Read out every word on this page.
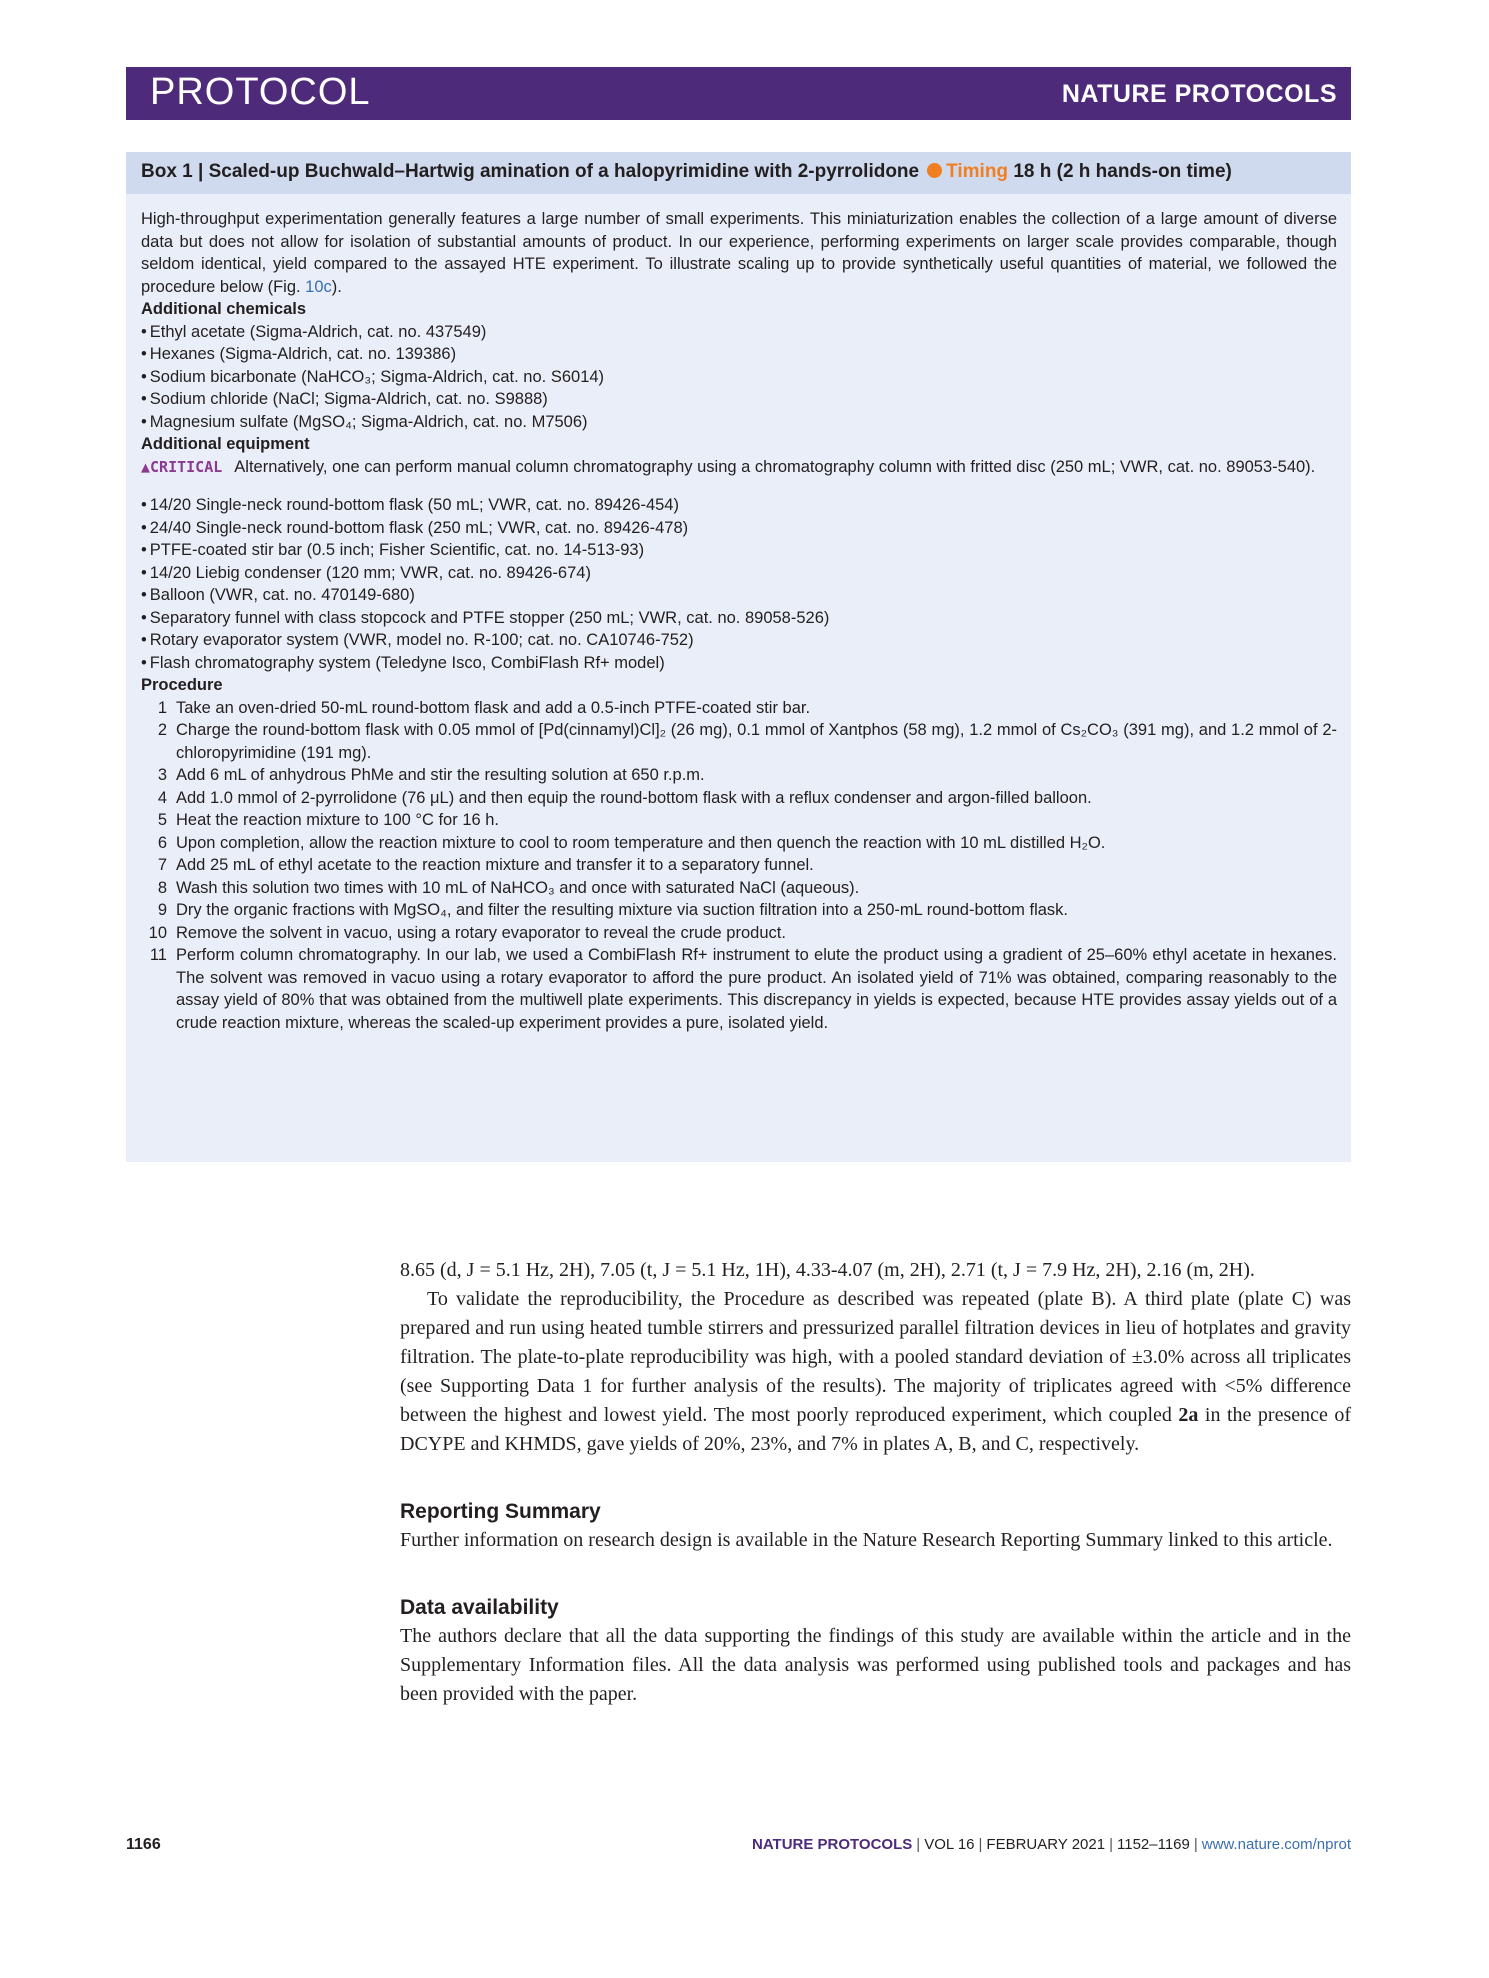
PROTOCOL	NATURE PROTOCOLS
Box 1 | Scaled-up Buchwald–Hartwig amination of a halopyrimidine with 2-pyrrolidone Timing 18 h (2 h hands-on time)

High-throughput experimentation generally features a large number of small experiments. This miniaturization enables the collection of a large amount of diverse data but does not allow for isolation of substantial amounts of product. In our experience, performing experiments on larger scale provides comparable, though seldom identical, yield compared to the assayed HTE experiment. To illustrate scaling up to provide synthetically useful quantities of material, we followed the procedure below (Fig. 10c).

Additional chemicals

• Ethyl acetate (Sigma-Aldrich, cat. no. 437549)
• Hexanes (Sigma-Aldrich, cat. no. 139386)
• Sodium bicarbonate (NaHCO₃; Sigma-Aldrich, cat. no. S6014)
• Sodium chloride (NaCl; Sigma-Aldrich, cat. no. S9888)
• Magnesium sulfate (MgSO₄; Sigma-Aldrich, cat. no. M7506)

Additional equipment

▲CRITICAL Alternatively, one can perform manual column chromatography using a chromatography column with fritted disc (250 mL; VWR, cat. no. 89053-540).

• 14/20 Single-neck round-bottom flask (50 mL; VWR, cat. no. 89426-454)
• 24/40 Single-neck round-bottom flask (250 mL; VWR, cat. no. 89426-478)
• PTFE-coated stir bar (0.5 inch; Fisher Scientific, cat. no. 14-513-93)
• 14/20 Liebig condenser (120 mm; VWR, cat. no. 89426-674)
• Balloon (VWR, cat. no. 470149-680)
• Separatory funnel with class stopcock and PTFE stopper (250 mL; VWR, cat. no. 89058-526)
• Rotary evaporator system (VWR, model no. R-100; cat. no. CA10746-752)
• Flash chromatography system (Teledyne Isco, CombiFlash Rf+ model)

Procedure

1 Take an oven-dried 50-mL round-bottom flask and add a 0.5-inch PTFE-coated stir bar.
2 Charge the round-bottom flask with 0.05 mmol of [Pd(cinnamyl)Cl]₂ (26 mg), 0.1 mmol of Xantphos (58 mg), 1.2 mmol of Cs₂CO₃ (391 mg), and 1.2 mmol of 2-chloropyrimidine (191 mg).
3 Add 6 mL of anhydrous PhMe and stir the resulting solution at 650 r.p.m.
4 Add 1.0 mmol of 2-pyrrolidone (76 μL) and then equip the round-bottom flask with a reflux condenser and argon-filled balloon.
5 Heat the reaction mixture to 100 °C for 16 h.
6 Upon completion, allow the reaction mixture to cool to room temperature and then quench the reaction with 10 mL distilled H₂O.
7 Add 25 mL of ethyl acetate to the reaction mixture and transfer it to a separatory funnel.
8 Wash this solution two times with 10 mL of NaHCO₃ and once with saturated NaCl (aqueous).
9 Dry the organic fractions with MgSO₄, and filter the resulting mixture via suction filtration into a 250-mL round-bottom flask.
10 Remove the solvent in vacuo, using a rotary evaporator to reveal the crude product.
11 Perform column chromatography. In our lab, we used a CombiFlash Rf+ instrument to elute the product using a gradient of 25–60% ethyl acetate in hexanes. The solvent was removed in vacuo using a rotary evaporator to afford the pure product. An isolated yield of 71% was obtained, comparing reasonably to the assay yield of 80% that was obtained from the multiwell plate experiments. This discrepancy in yields is expected, because HTE provides assay yields out of a crude reaction mixture, whereas the scaled-up experiment provides a pure, isolated yield.

8.65 (d, J = 5.1 Hz, 2H), 7.05 (t, J = 5.1 Hz, 1H), 4.33-4.07 (m, 2H), 2.71 (t, J = 7.9 Hz, 2H), 2.16 (m, 2H).

To validate the reproducibility, the Procedure as described was repeated (plate B). A third plate (plate C) was prepared and run using heated tumble stirrers and pressurized parallel filtration devices in lieu of hotplates and gravity filtration. The plate-to-plate reproducibility was high, with a pooled standard deviation of ±3.0% across all triplicates (see Supporting Data 1 for further analysis of the results). The majority of triplicates agreed with <5% difference between the highest and lowest yield. The most poorly reproduced experiment, which coupled 2a in the presence of DCYPE and KHMDS, gave yields of 20%, 23%, and 7% in plates A, B, and C, respectively.

Reporting Summary

Further information on research design is available in the Nature Research Reporting Summary linked to this article.

Data availability

The authors declare that all the data supporting the findings of this study are available within the article and in the Supplementary Information files. All the data analysis was performed using published tools and packages and has been provided with the paper.

1166	NATURE PROTOCOLS | VOL 16 | FEBRUARY 2021 | 1152–1169 | www.nature.com/nprot
